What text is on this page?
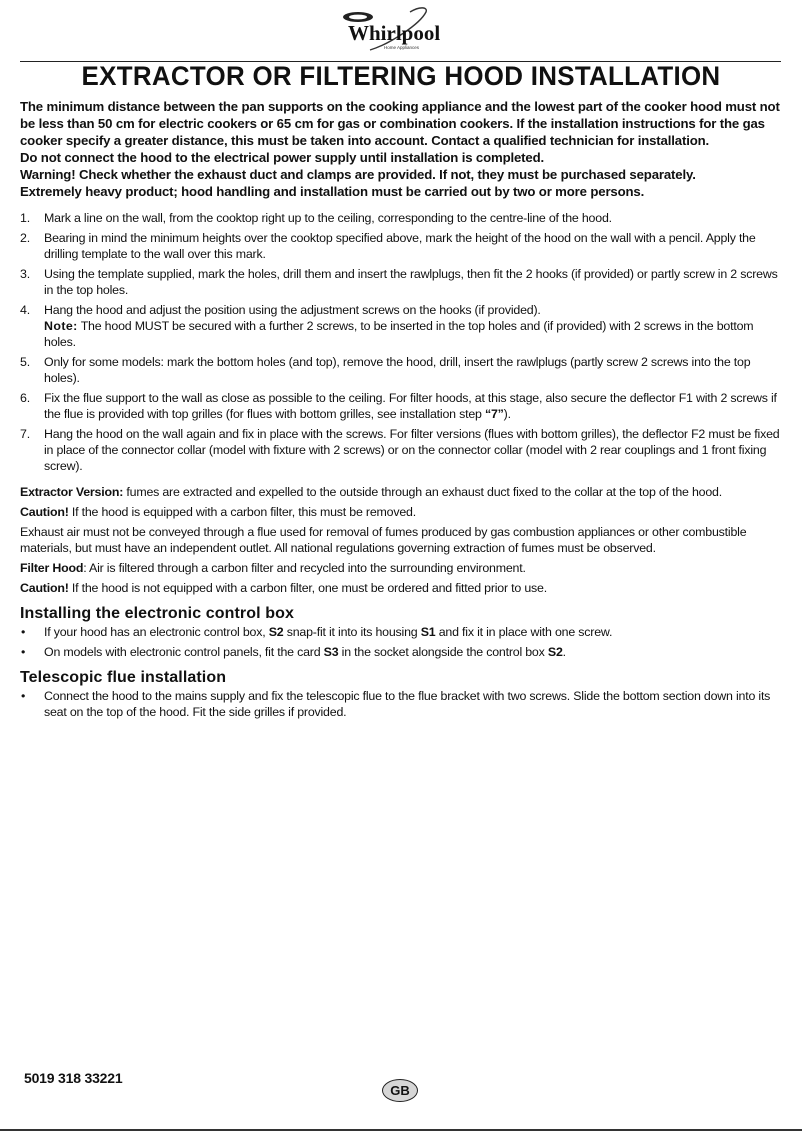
Whirlpool
Home Appliances
EXTRACTOR OR FILTERING HOOD INSTALLATION

The minimum distance between the pan supports on the cooking appliance and the lowest part of the cooker hood must not be less than 50 cm for electric cookers or 65 cm for gas or combination cookers. If the installation instructions for the gas cooker specify a greater distance, this must be taken into account. Contact a qualified technician for installation.

Do not connect the hood to the electrical power supply until installation is completed.

Warning! Check whether the exhaust duct and clamps are provided. If not, they must be purchased separately.

Extremely heavy product; hood handling and installation must be carried out by two or more persons.

1. Mark a line on the wall, from the cooktop right up to the ceiling, corresponding to the centre-line of the hood.
2. Bearing in mind the minimum heights over the cooktop specified above, mark the height of the hood on the wall with a pencil. Apply the drilling template to the wall over this mark.
3. Using the template supplied, mark the holes, drill them and insert the rawlplugs, then fit the 2 hooks (if provided) or partly screw in 2 screws in the top holes.
4. Hang the hood and adjust the position using the adjustment screws on the hooks (if provided).
Note: The hood MUST be secured with a further 2 screws, to be inserted in the top holes and (if provided) with 2 screws in the bottom holes.
5. Only for some models: mark the bottom holes (and top), remove the hood, drill, insert the rawlplugs (partly screw 2 screws into the top holes).
6. Fix the flue support to the wall as close as possible to the ceiling. For filter hoods, at this stage, also secure the deflector F1 with 2 screws if the flue is provided with top grilles (for flues with bottom grilles, see installation step “7”).
7. Hang the hood on the wall again and fix in place with the screws. For filter versions (flues with bottom grilles), the deflector F2 must be fixed in place of the connector collar (model with fixture with 2 screws) or on the connector collar (model with 2 rear couplings and 1 front fixing screw).

Extractor Version: fumes are extracted and expelled to the outside through an exhaust duct fixed to the collar at the top of the hood.

Caution! If the hood is equipped with a carbon filter, this must be removed.

Exhaust air must not be conveyed through a flue used for removal of fumes produced by gas combustion appliances or other combustible materials, but must have an independent outlet. All national regulations governing extraction of fumes must be observed.

Filter Hood: Air is filtered through a carbon filter and recycled into the surrounding environment.

Caution! If the hood is not equipped with a carbon filter, one must be ordered and fitted prior to use.

Installing the electronic control box
• If your hood has an electronic control box, S2 snap-fit it into its housing S1 and fix it in place with one screw.
• On models with electronic control panels, fit the card S3 in the socket alongside the control box S2.
Telescopic flue installation
• Connect the hood to the mains supply and fix the telescopic flue to the flue bracket with two screws. Slide the bottom section down into its seat on the top of the hood. Fit the side grilles if provided.
5019 318 33221
GB
